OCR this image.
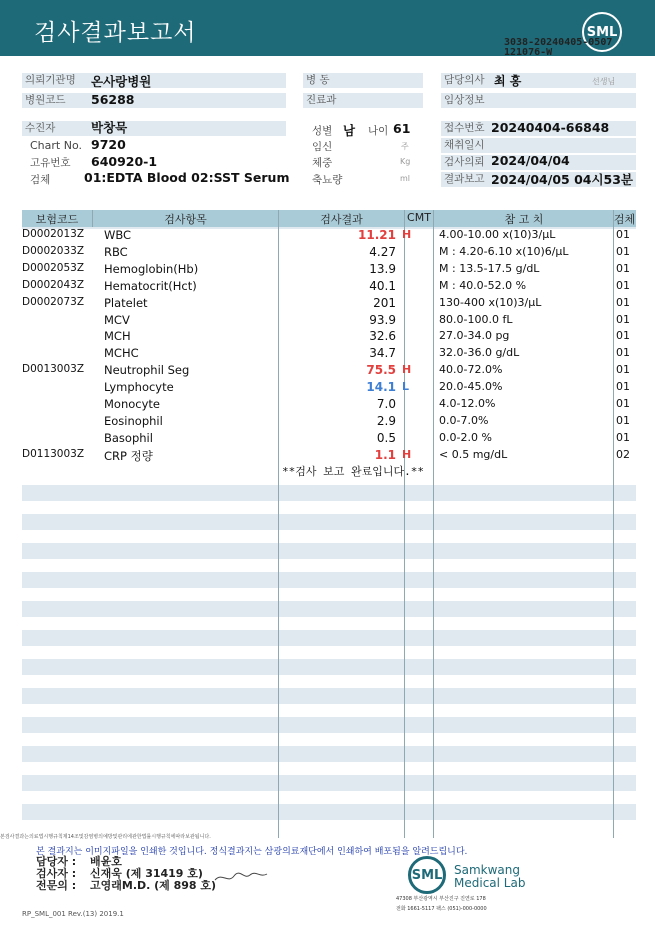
검사결과보고서	SML
3038-20240405-0507
121076-W
의뢰기관명	온사랑병원	병 동	담당의사 최 홍	선생님
병원코드	56288	진료과	임상정보
수진자	박창묵	성별 남 나이 61	접수번호 20240404-66848
Chart No. 9720	임신	주	채취일시
고유번호 640920-1	체중	Kg	검사의뢰 2024/04/04
검체	01:EDTA Blood 02:SST Serum 축뇨량	ml	결과보고 2024/04/05 04시53분
보험코드	검사항목	검사결과	CMT	참 고 치	검체
D0002013Z WBC	11.21 H	4.00-10.00 x(10)3/μL	01
D0002033Z RBC	4.27	M : 4.20-6.10 x(10)6/μL	01
D0002053Z Hemoglobin(Hb)	13.9	M : 13.5-17.5 g/dL	01
D0002043Z Hematocrit(Hct)	40.1	M : 40.0-52.0 %	01
D0002073Z Platelet	201	130-400 x(10)3/μL	01
MCV	93.9	80.0-100.0 fL	01
MCH	32.6	27.0-34.0 pg	01
MCHC	34.7	32.0-36.0 g/dL	01
D0013003Z Neutrophil Seg	75.5 H	40.0-72.0%	01
Lymphocyte	14.1 L	20.0-45.0%	01
Monocyte	7.0	4.0-12.0%	01
Eosinophil	2.9	0.0-7.0%	01
Basophil	0.5	0.0-2.0 %	01
D0113003Z CRP 정량	1.1 H	< 0.5 mg/dL	02
**검사 보고 완료입니다.**
본검사결과는의료법시행규칙제14조및감염병의예방및관리에관한법률시행규칙에따라보관됩니다.
본 결과지는 이미지파일을 인쇄한 것입니다. 정식결과지는 삼광의료재단에서 인쇄하여 배포됨을 알려드립니다.
담당자 : 배윤호
검사자 : 신재욱 (제 31419 호)
전문의 : 고영래M.D. (제 898 호)
SML Samkwang
Medical Lab
47308 부산광역시 부산진구 진연로 178
전화 1661-5117 팩스 (051)-000-0000
RP_SML_001 Rev.(13) 2019.1
